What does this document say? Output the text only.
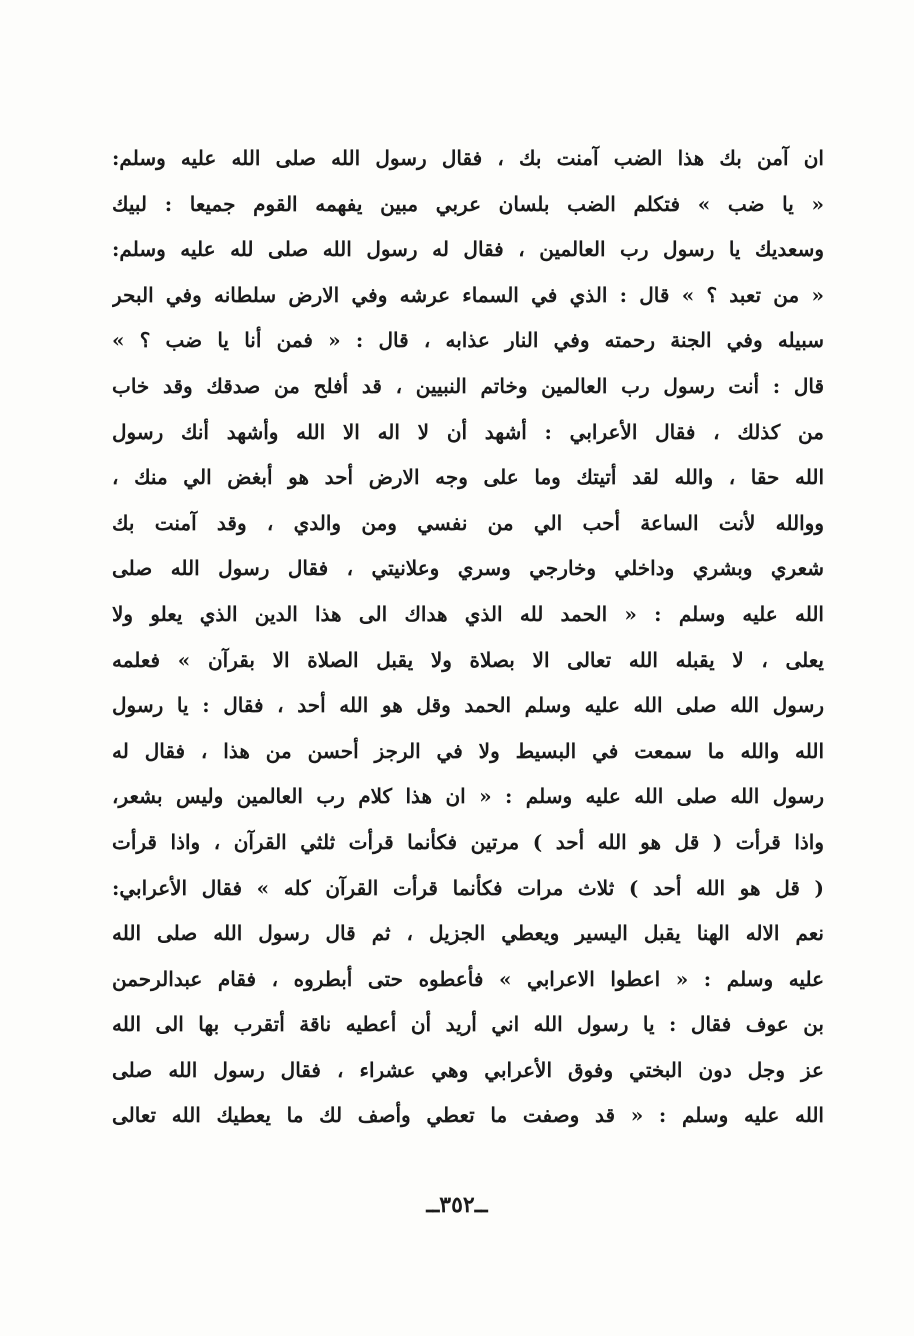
ان آمن بك هذا الضب آمنت بك ، فقال رسول الله صلى الله عليه وسلم:
« يا ضب » فتكلم الضب بلسان عربي مبين يفهمه القوم جميعا : لبيك
وسعديك يا رسول رب العالمين ، فقال له رسول الله صلى لله عليه وسلم:
« من تعبد ؟ » قال : الذي في السماء عرشه وفي الارض سلطانه وفي البحر
سبيله وفي الجنة رحمته وفي النار عذابه ، قال : « فمن أنا يا ضب ؟ »
قال : أنت رسول رب العالمين وخاتم النبيين ، قد أفلح من صدقك وقد خاب
من كذلك ، فقال الأعرابي : أشهد أن لا اله الا الله وأشهد أنك رسول
الله حقا ، والله لقد أتيتك وما على وجه الارض أحد هو أبغض الي منك ،
ووالله لأنت الساعة أحب الي من نفسي ومن والدي ، وقد آمنت بك
شعري وبشري وداخلي وخارجي وسري وعلانيتي ، فقال رسول الله صلى
الله عليه وسلم : « الحمد لله الذي هداك الى هذا الدين الذي يعلو ولا
يعلى ، لا يقبله الله تعالى الا بصلاة ولا يقبل الصلاة الا بقرآن » فعلمه
رسول الله صلى الله عليه وسلم الحمد وقل هو الله أحد ، فقال : يا رسول
الله والله ما سمعت في البسيط ولا في الرجز أحسن من هذا ، فقال له
رسول الله صلى الله عليه وسلم : « ان هذا كلام رب العالمين وليس بشعر،
واذا قرأت ( قل هو الله أحد ) مرتين فكأنما قرأت ثلثي القرآن ، واذا قرأت
( قل هو الله أحد ) ثلاث مرات فكأنما قرأت القرآن كله » فقال الأعرابي:
نعم الاله الهنا يقبل اليسير ويعطي الجزيل ، ثم قال رسول الله صلى الله
عليه وسلم : « اعطوا الاعرابي » فأعطوه حتى أبطروه ، فقام عبدالرحمن
بن عوف فقال : يا رسول الله اني أريد أن أعطيه ناقة أتقرب بها الى الله
عز وجل دون البختي وفوق الأعرابي وهي عشراء ، فقال رسول الله صلى
الله عليه وسلم : « قد وصفت ما تعطي وأصف لك ما يعطيك الله تعالى
ــ٣٥٢ــ
